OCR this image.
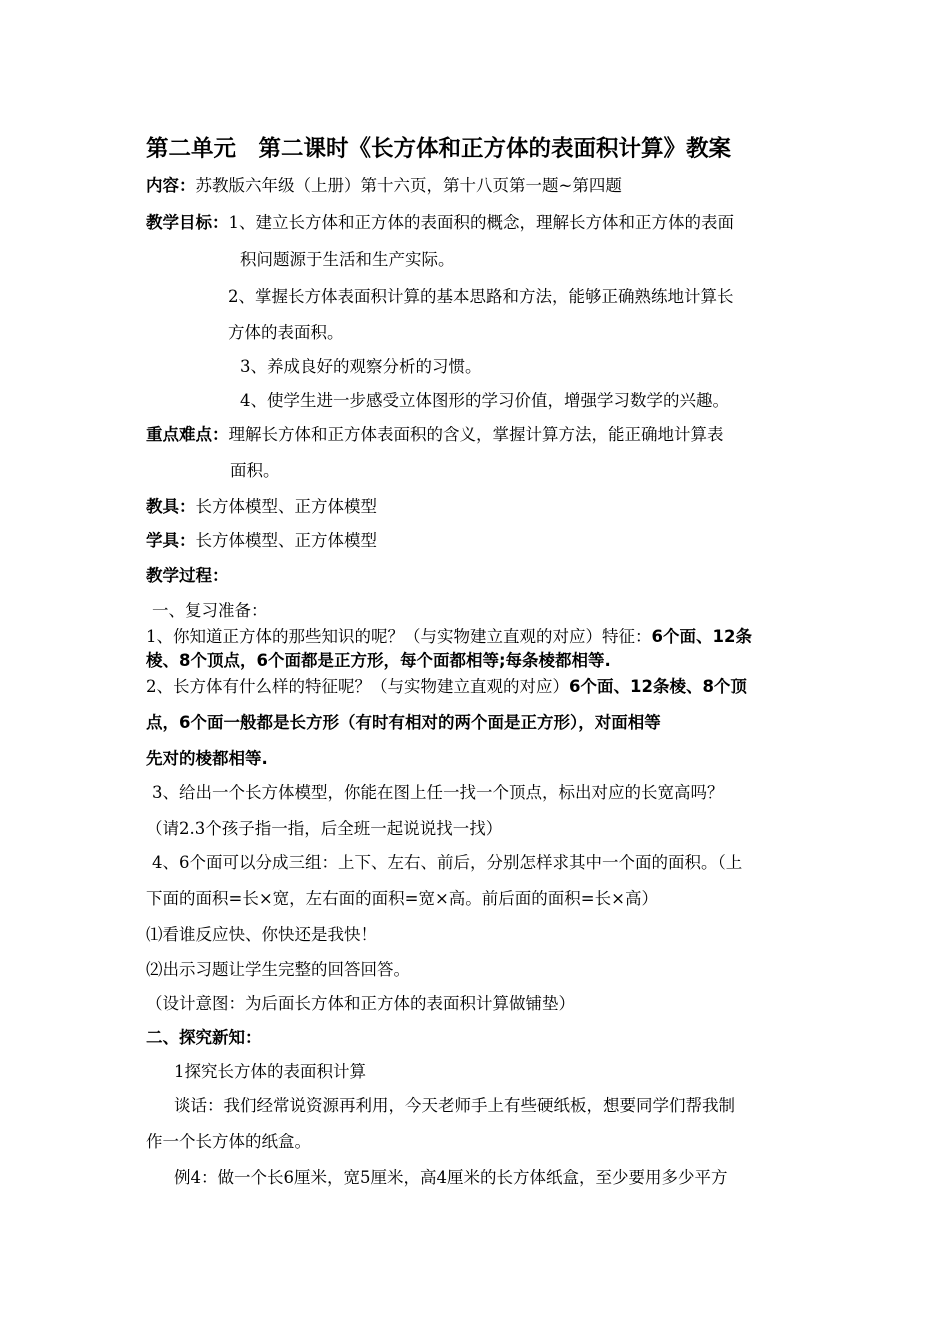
第二单元　第二课时《长方体和正方体的表面积计算》教案
内容：苏教版六年级（上册）第十六页，第十八页第一题~第四题
教学目标：1、建立长方体和正方体的表面积的概念，理解长方体和正方体的表面
积问题源于生活和生产实际。
2、掌握长方体表面积计算的基本思路和方法，能够正确熟练地计算长
方体的表面积。
3、养成良好的观察分析的习惯。
4、使学生进一步感受立体图形的学习价值，增强学习数学的兴趣。
重点难点：理解长方体和正方体表面积的含义，掌握计算方法，能正确地计算表
面积。
教具：长方体模型、正方体模型
学具：长方体模型、正方体模型
教学过程：
一、复习准备：
1、你知道正方体的那些知识的呢？（与实物建立直观的对应）特征：6个面、12条
棱、8个顶点，6个面都是正方形，每个面都相等;每条棱都相等.
2、长方体有什么样的特征呢？（与实物建立直观的对应）6个面、12条棱、8个顶
点，6个面一般都是长方形（有时有相对的两个面是正方形），对面相等
先对的棱都相等.
3、给出一个长方体模型，你能在图上任一找一个顶点，标出对应的长宽高吗？
（请2.3个孩子指一指，后全班一起说说找一找）
4、6个面可以分成三组：上下、左右、前后，分别怎样求其中一个面的面积。（上
下面的面积=长×宽，左右面的面积=宽×高。前后面的面积=长×高）
⑴看谁反应快、你快还是我快！
⑵出示习题让学生完整的回答回答。
（设计意图：为后面长方体和正方体的表面积计算做铺垫）
二、探究新知：
1探究长方体的表面积计算
谈话：我们经常说资源再利用，今天老师手上有些硬纸板，想要同学们帮我制
作一个长方体的纸盒。
例4：做一个长6厘米，宽5厘米，高4厘米的长方体纸盒，至少要用多少平方
